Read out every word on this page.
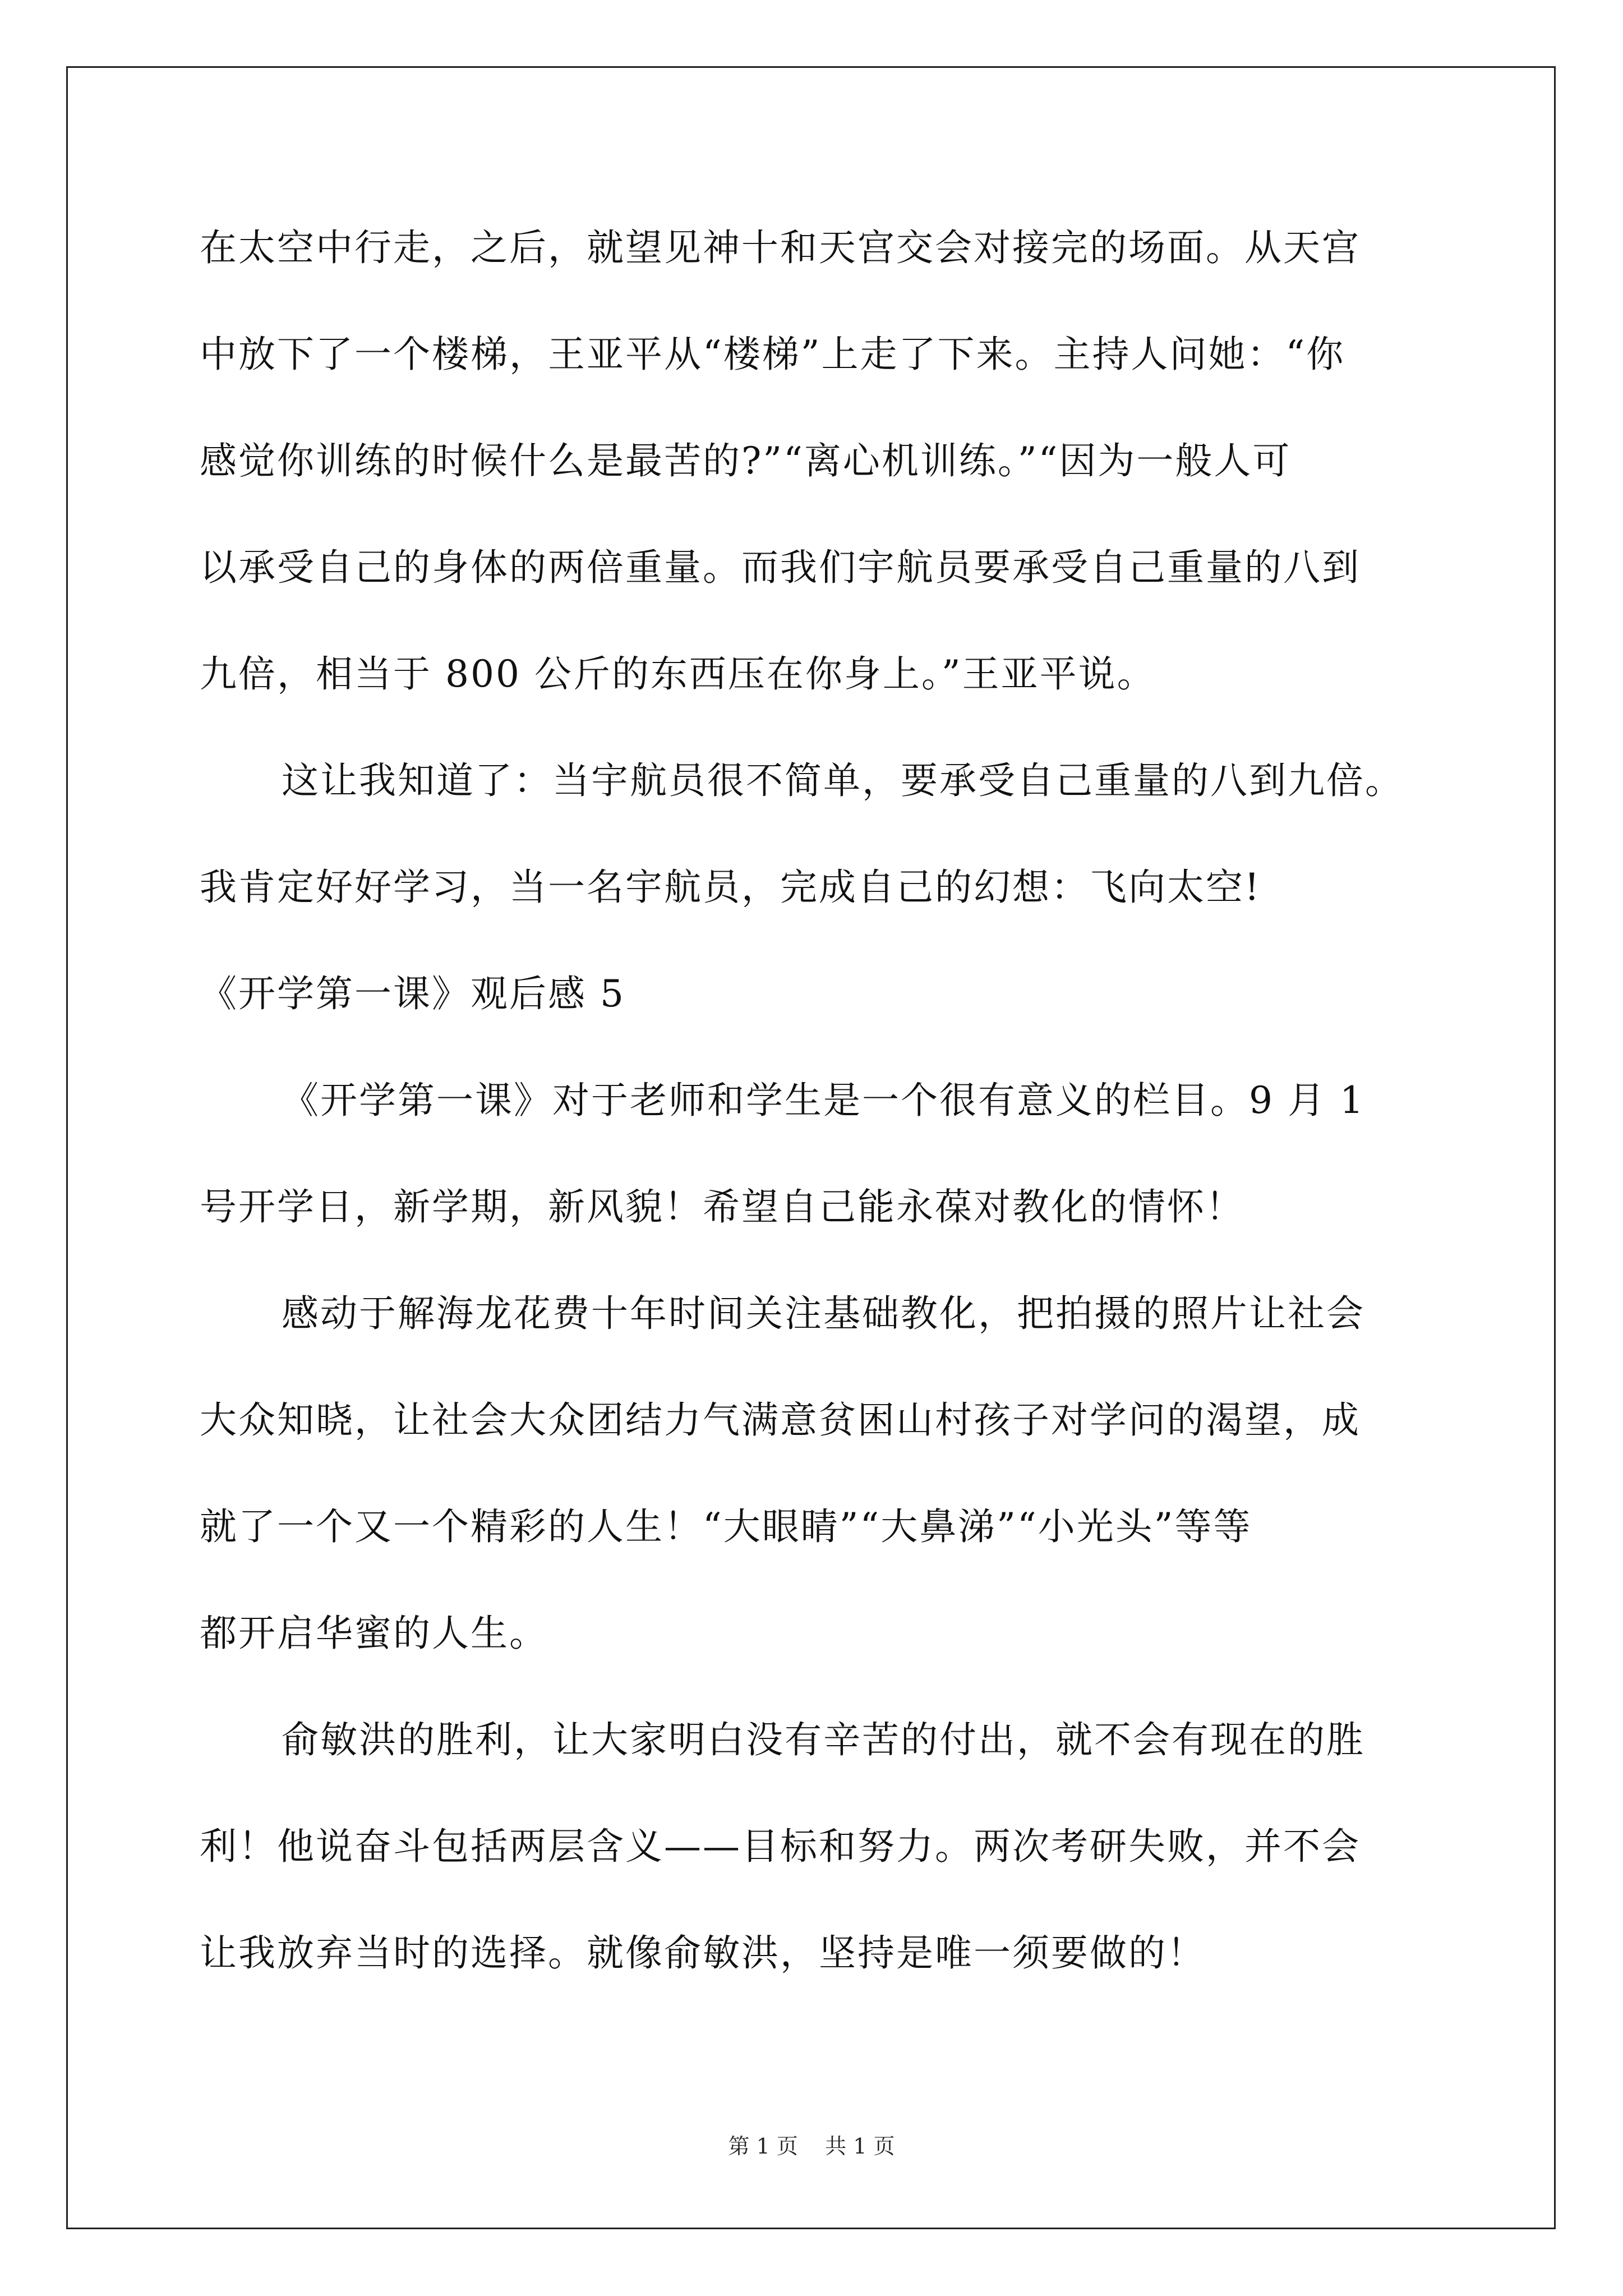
在太空中行走，之后，就望见神十和天宫交会对接完的场面。从天宫
中放下了一个楼梯，王亚平从“楼梯”上走了下来。主持人问她：“你
感觉你训练的时候什么是最苦的?”“离心机训练。”“因为一般人可
以承受自己的身体的两倍重量。而我们宇航员要承受自己重量的八到
九倍，相当于 800 公斤的东西压在你身上。”王亚平说。
这让我知道了：当宇航员很不简单，要承受自己重量的八到九倍。
我肯定好好学习，当一名宇航员，完成自己的幻想：飞向太空!
《开学第一课》观后感 5
《开学第一课》对于老师和学生是一个很有意义的栏目。9 月 1
号开学日，新学期，新风貌！希望自己能永葆对教化的情怀！
感动于解海龙花费十年时间关注基础教化，把拍摄的照片让社会
大众知晓，让社会大众团结力气满意贫困山村孩子对学问的渴望，成
就了一个又一个精彩的人生！“大眼睛”“大鼻涕”“小光头”等等
都开启华蜜的人生。
俞敏洪的胜利，让大家明白没有辛苦的付出，就不会有现在的胜
利！他说奋斗包括两层含义——目标和努力。两次考研失败，并不会
让我放弃当时的选择。就像俞敏洪，坚持是唯一须要做的！
第 1 页    共 1 页
